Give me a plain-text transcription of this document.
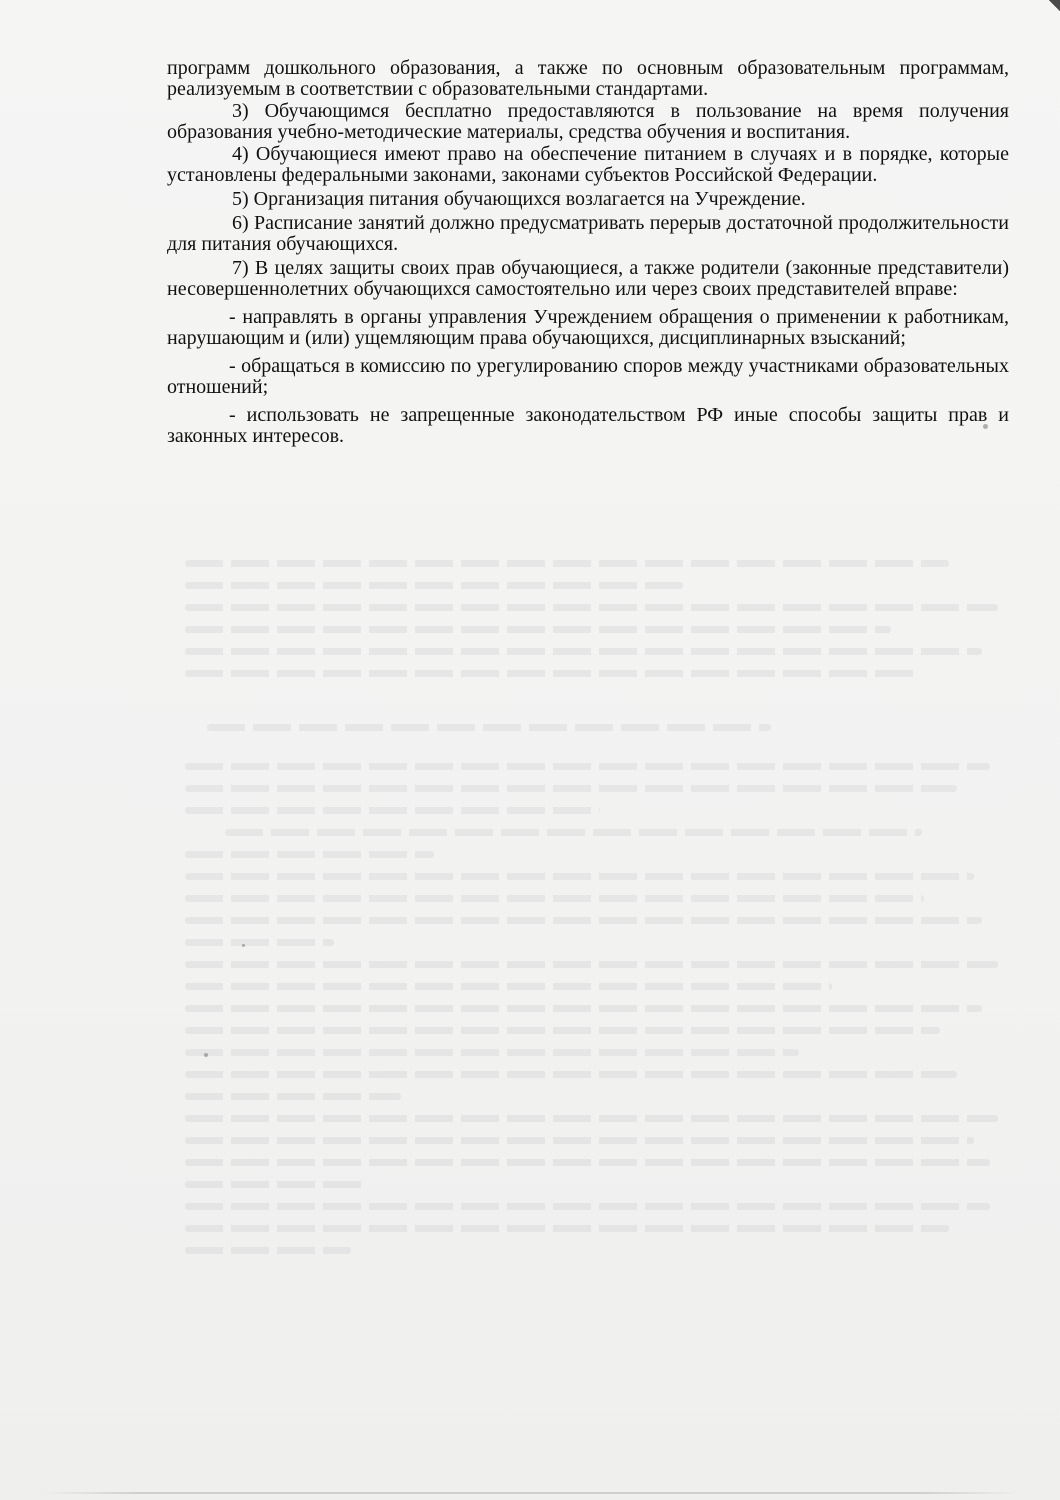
программ дошкольного образования, а также по основным образовательным программам, реализуемым в соответствии с образовательными стандартами.

3) Обучающимся бесплатно предоставляются в пользование на время получения образования учебно-методические материалы, средства обучения и воспитания.

4) Обучающиеся имеют право на обеспечение питанием в случаях и в порядке, которые установлены федеральными законами, законами субъектов Российской Федерации.

5) Организация питания обучающихся возлагается на Учреждение.

6) Расписание занятий должно предусматривать перерыв достаточной продолжительности для питания обучающихся.

7) В целях защиты своих прав обучающиеся, а также родители (законные представители) несовершеннолетних обучающихся самостоятельно или через своих представителей вправе:

- направлять в органы управления Учреждением обращения о применении к работникам, нарушающим и (или) ущемляющим права обучающихся, дисциплинарных взысканий;

- обращаться в комиссию по урегулированию споров между участниками образовательных отношений;

- использовать не запрещенные законодательством РФ иные способы защиты прав и законных интересов.
